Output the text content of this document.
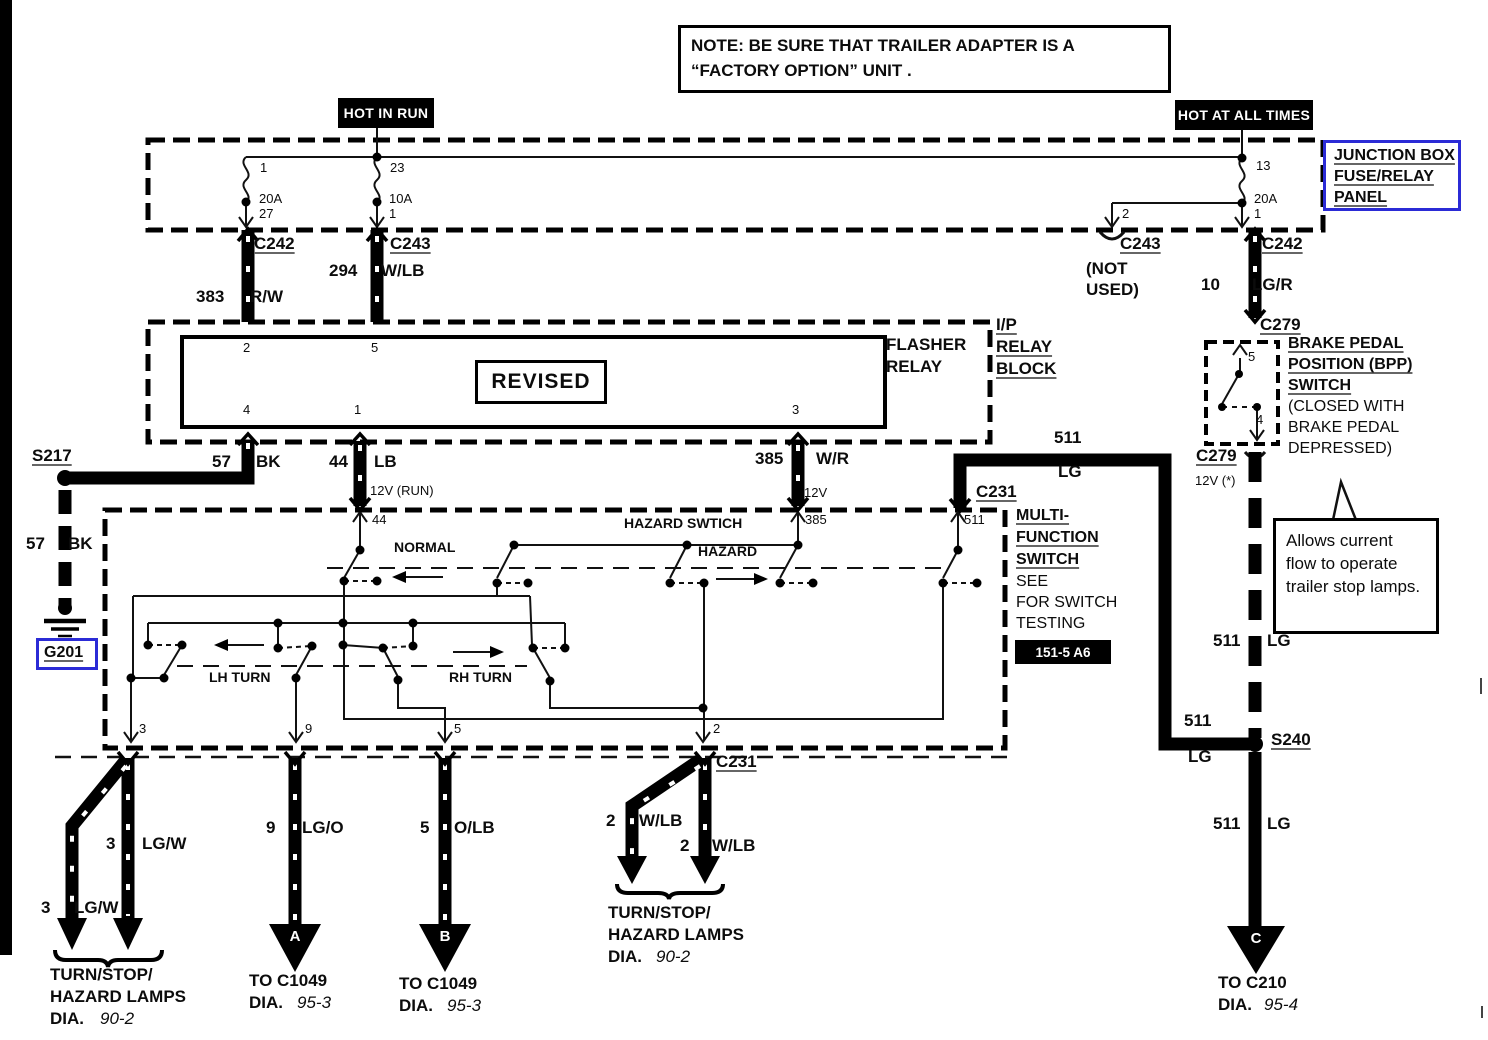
NOTE: BE SURE THAT TRAILER ADAPTER IS A “FACTORY OPTION” UNIT .
HOT IN RUN	HOT AT ALL TIMES
JUNCTION BOX
FUSE/RELAY
PANEL
1
20A
27
23
10A
1
13
20A
1
2
C242	C243	C243
(NOT
USED)
C242
C279
383 R/W
294 W/LB
10 LG/R
2	5
4	1	3
REVISED
FLASHER
RELAY
I/P
RELAY
BLOCK
57 BK	44 LB	385 W/R
12V (RUN)	12V
S217
57 BK
G201
C231
511
LG
5
4
BRAKE PEDAL
POSITION (BPP)
SWITCH
(CLOSED WITH
BRAKE PEDAL
DEPRESSED)
C279
12V (*)
Allows current flow to operate trailer stop lamps.
44	385	511
NORMAL
HAZARD SWTICH
HAZARD
LH TURN	RH TURN
3	9	5	2
MULTI-
FUNCTION
SWITCH
SEE
FOR SWITCH
TESTING
151-5 A6
511 LG
511
LG
S240
511 LG
C231
3 LG/W
3 LG/W
9 LG/O	5 O/LB	2 W/LB
2 W/LB
A	B	C
TURN/STOP/
HAZARD LAMPS
DIA. 90-2
TO C1049
DIA. 95-3
TO C1049
DIA. 95-3
TURN/STOP/
HAZARD LAMPS
DIA. 90-2
TO C210
DIA. 95-4
